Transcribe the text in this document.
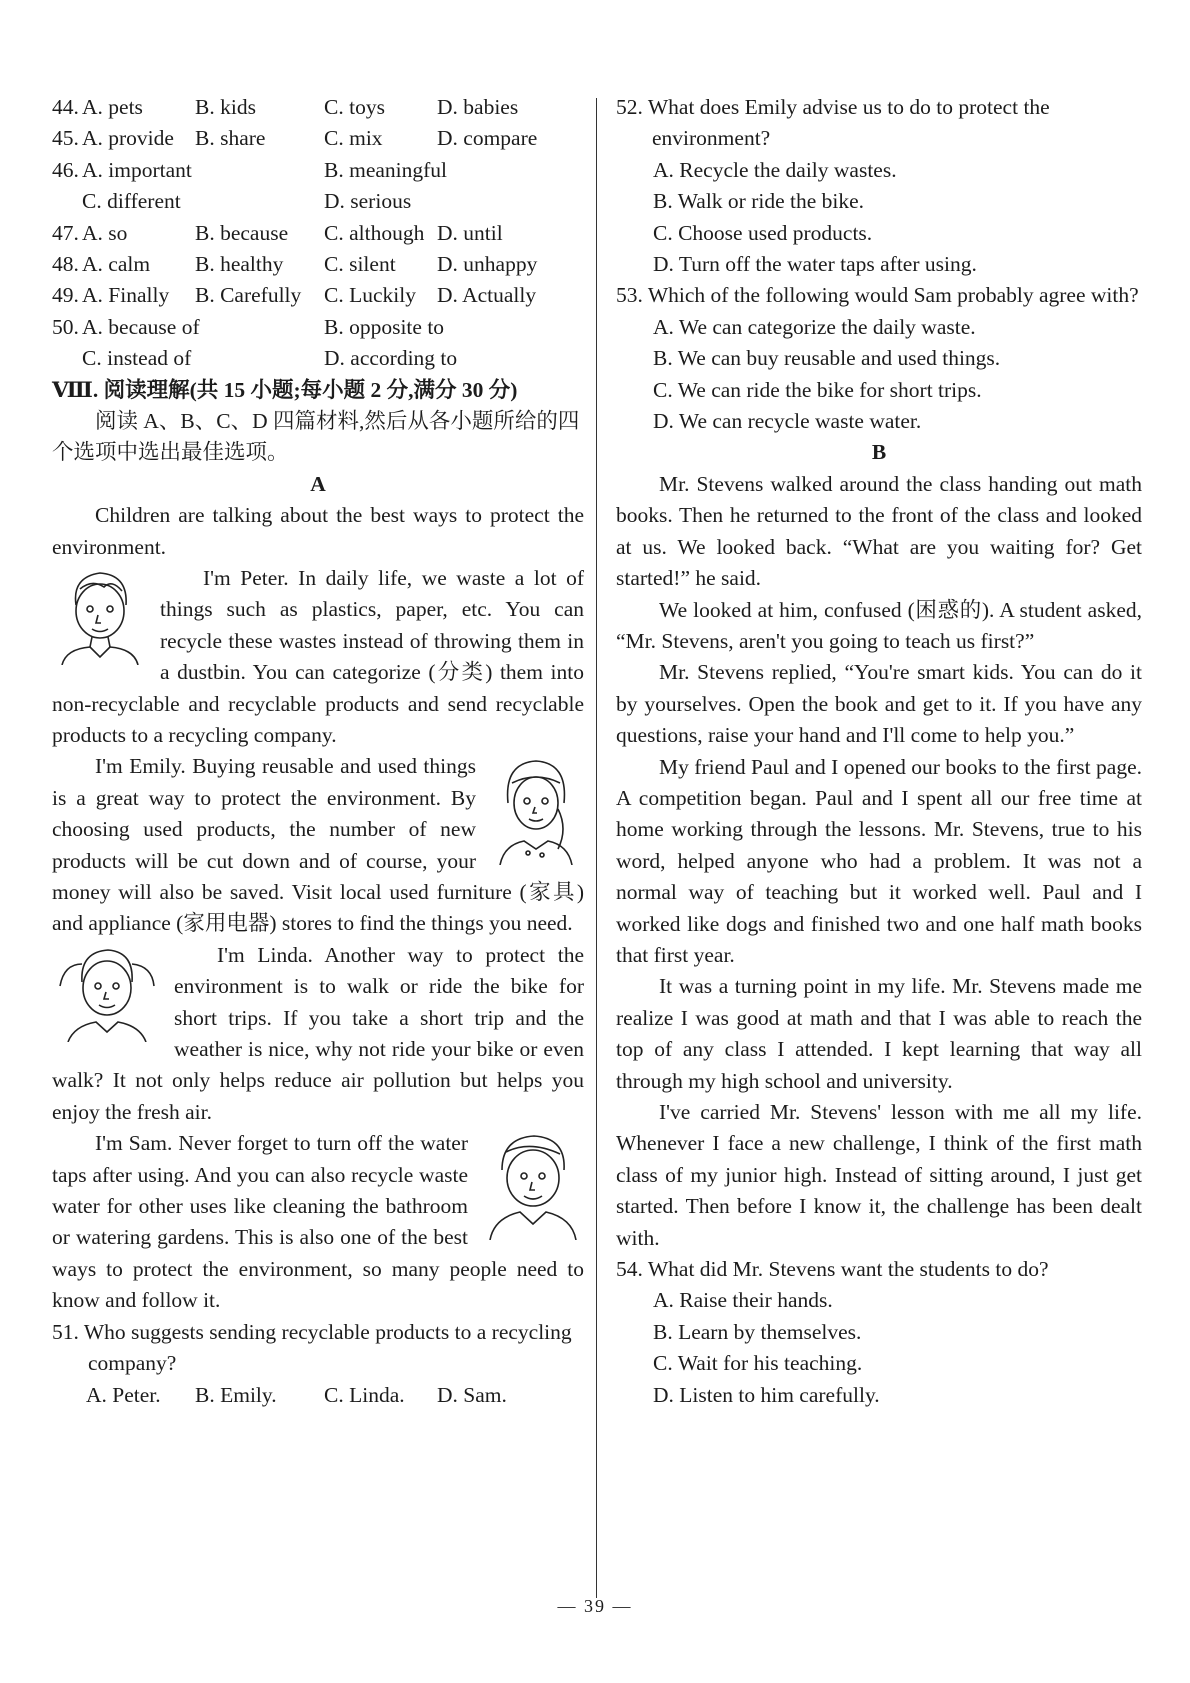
44. A. pets B. kids	C. toys D. babies
45. A. provide B. share	C. mix	D. compare
46. A. important	B. meaningful
C. different	D. serious
47. A. so	B. because C. although D. until
48. A. calm B. healthy C. silent D. unhappy
49. A. Finally B. Carefully C. Luckily D. Actually
50. A. because of	B. opposite to
C. instead of	D. according to
Ⅷ. 阅读理解(共 15 小题;每小题 2 分,满分 30 分)
阅读 A、B、C、D 四篇材料,然后从各小题所给的四个选项中选出最佳选项。
A
Children are talking about the best ways to protect the environment.
I'm Peter. In daily life, we waste a lot of things such as plastics, paper, etc. You can recycle these wastes instead of throwing them in a dustbin. You can categorize (分类) them into non-recyclable and recyclable products and send recyclable products to a recycling company.
I'm Emily. Buying reusable and used things is a great way to protect the environment. By choosing used products, the number of new products will be cut down and of course, your money will also be saved. Visit local used furniture (家具) and appliance (家用电器) stores to find the things you need.
I'm Linda. Another way to protect the environment is to walk or ride the bike for short trips. If you take a short trip and the weather is nice, why not ride your bike or even walk? It not only helps reduce air pollution but helps you enjoy the fresh air.
I'm Sam. Never forget to turn off the water taps after using. And you can also recycle waste water for other uses like cleaning the bathroom or watering gardens. This is also one of the best ways to protect the environment, so many people need to know and follow it.
51. Who suggests sending recyclable products to a recycling company?
A. Peter. B. Emily. C. Linda. D. Sam.
52. What does Emily advise us to do to protect the environment?
A. Recycle the daily wastes.
B. Walk or ride the bike.
C. Choose used products.
D. Turn off the water taps after using.
53. Which of the following would Sam probably agree with?
A. We can categorize the daily waste.
B. We can buy reusable and used things.
C. We can ride the bike for short trips.
D. We can recycle waste water.
B
Mr. Stevens walked around the class handing out math books. Then he returned to the front of the class and looked at us. We looked back. “What are you waiting for? Get started!” he said.
We looked at him, confused (困惑的). A student asked, “Mr. Stevens, aren't you going to teach us first?”
Mr. Stevens replied, “You're smart kids. You can do it by yourselves. Open the book and get to it. If you have any questions, raise your hand and I'll come to help you.”
My friend Paul and I opened our books to the first page. A competition began. Paul and I spent all our free time at home working through the lessons. Mr. Stevens, true to his word, helped anyone who had a problem. It was not a normal way of teaching but it worked well. Paul and I worked like dogs and finished two and one half math books that first year.
It was a turning point in my life. Mr. Stevens made me realize I was good at math and that I was able to reach the top of any class I attended. I kept learning that way all through my high school and university.
I've carried Mr. Stevens' lesson with me all my life. Whenever I face a new challenge, I think of the first math class of my junior high. Instead of sitting around, I just get started. Then before I know it, the challenge has been dealt with.
54. What did Mr. Stevens want the students to do?
A. Raise their hands.
B. Learn by themselves.
C. Wait for his teaching.
D. Listen to him carefully.
— 39 —
